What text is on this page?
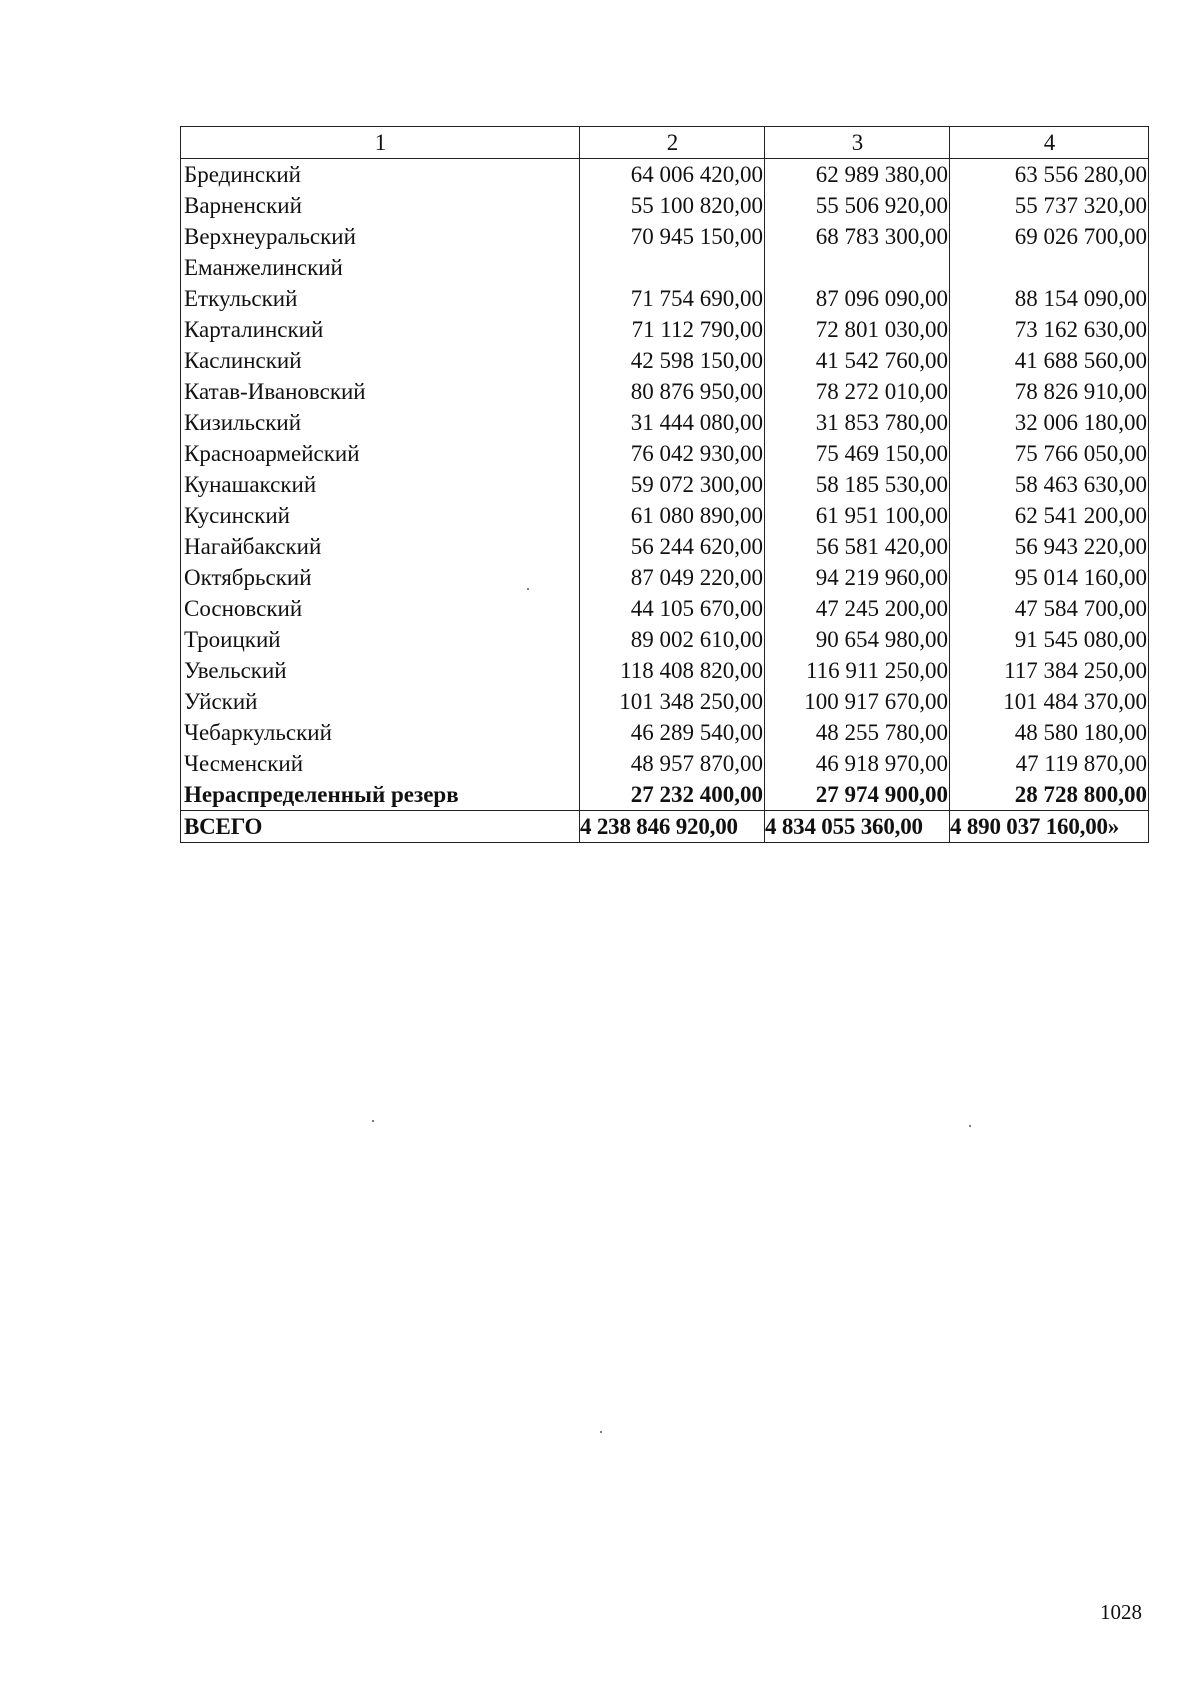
1	2	3	4
Брединский	64 006 420,00	62 989 380,00	63 556 280,00
Варненский	55 100 820,00	55 506 920,00	55 737 320,00
Верхнеуральский	70 945 150,00	68 783 300,00	69 026 700,00
Еманжелинский			
Еткульский	71 754 690,00	87 096 090,00	88 154 090,00
Карталинский	71 112 790,00	72 801 030,00	73 162 630,00
Каслинский	42 598 150,00	41 542 760,00	41 688 560,00
Катав-Ивановский	80 876 950,00	78 272 010,00	78 826 910,00
Кизильский	31 444 080,00	31 853 780,00	32 006 180,00
Красноармейский	76 042 930,00	75 469 150,00	75 766 050,00
Кунашакский	59 072 300,00	58 185 530,00	58 463 630,00
Кусинский	61 080 890,00	61 951 100,00	62 541 200,00
Нагайбакский	56 244 620,00	56 581 420,00	56 943 220,00
Октябрьский	87 049 220,00	94 219 960,00	95 014 160,00
Сосновский	44 105 670,00	47 245 200,00	47 584 700,00
Троицкий	89 002 610,00	90 654 980,00	91 545 080,00
Увельский	118 408 820,00	116 911 250,00	117 384 250,00
Уйский	101 348 250,00	100 917 670,00	101 484 370,00
Чебаркульский	46 289 540,00	48 255 780,00	48 580 180,00
Чесменский	48 957 870,00	46 918 970,00	47 119 870,00
Нераспределенный резерв	27 232 400,00	27 974 900,00	28 728 800,00
ВСЕГО	4 238 846 920,00	4 834 055 360,00	4 890 037 160,00»
1028
